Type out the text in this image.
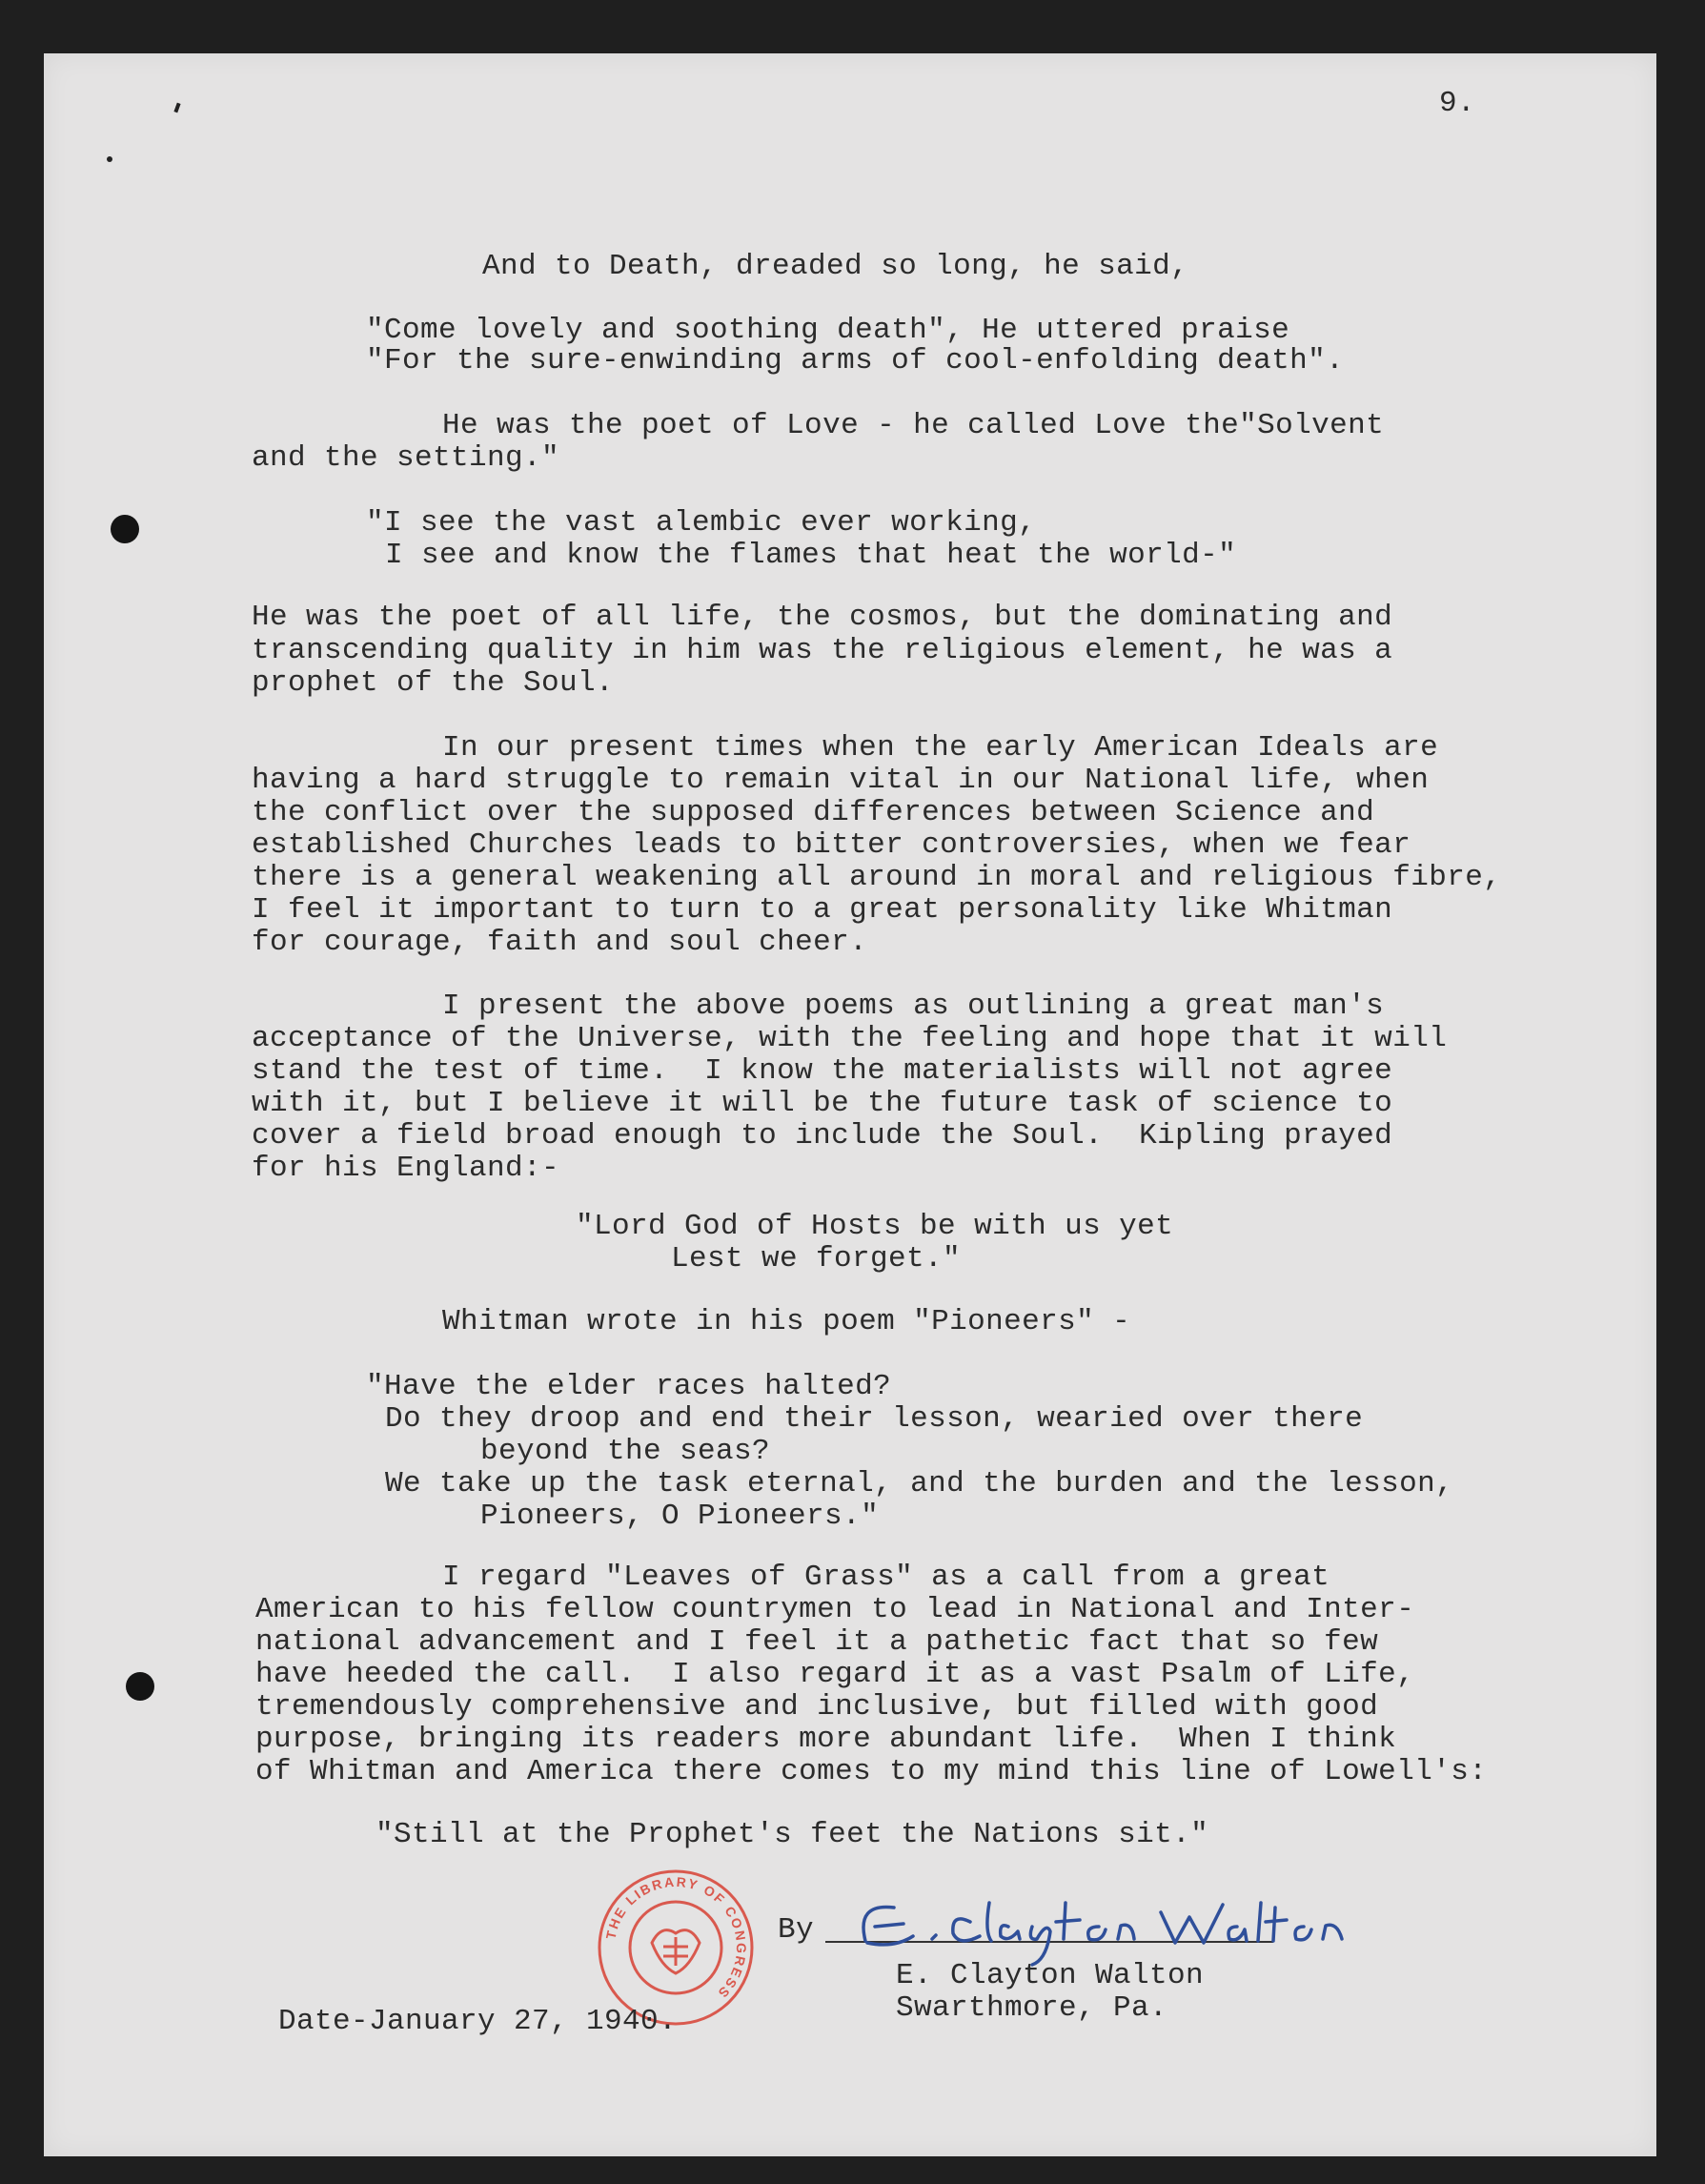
9.
And to Death, dreaded so long, he said,
"Come lovely and soothing death", He uttered praise
"For the sure-enwinding arms of cool-enfolding death".
He was the poet of Love - he called Love the"Solvent
and the setting."
"I see the vast alembic ever working,
I see and know the flames that heat the world-"
He was the poet of all life, the cosmos, but the dominating and
transcending quality in him was the religious element, he was a
prophet of the Soul.
In our present times when the early American Ideals are
having a hard struggle to remain vital in our National life, when
the conflict over the supposed differences between Science and
established Churches leads to bitter controversies, when we fear
there is a general weakening all around in moral and religious fibre,
I feel it important to turn to a great personality like Whitman
for courage, faith and soul cheer.
I present the above poems as outlining a great man's
acceptance of the Universe, with the feeling and hope that it will
stand the test of time.  I know the materialists will not agree
with it, but I believe it will be the future task of science to
cover a field broad enough to include the Soul.  Kipling prayed
for his England:-
"Lord God of Hosts be with us yet
Lest we forget."
Whitman wrote in his poem "Pioneers" -
"Have the elder races halted?
Do they droop and end their lesson, wearied over there
beyond the seas?
We take up the task eternal, and the burden and the lesson,
Pioneers, O Pioneers."
I regard "Leaves of Grass" as a call from a great
American to his fellow countrymen to lead in National and Inter-
national advancement and I feel it a pathetic fact that so few
have heeded the call.  I also regard it as a vast Psalm of Life,
tremendously comprehensive and inclusive, but filled with good
purpose, bringing its readers more abundant life.  When I think
of Whitman and America there comes to my mind this line of Lowell's:
"Still at the Prophet's feet the Nations sit."
THE LIBRARY OF CONGRESS
By
E. Clayton Walton
Swarthmore, Pa.
Date-January 27, 1940.
